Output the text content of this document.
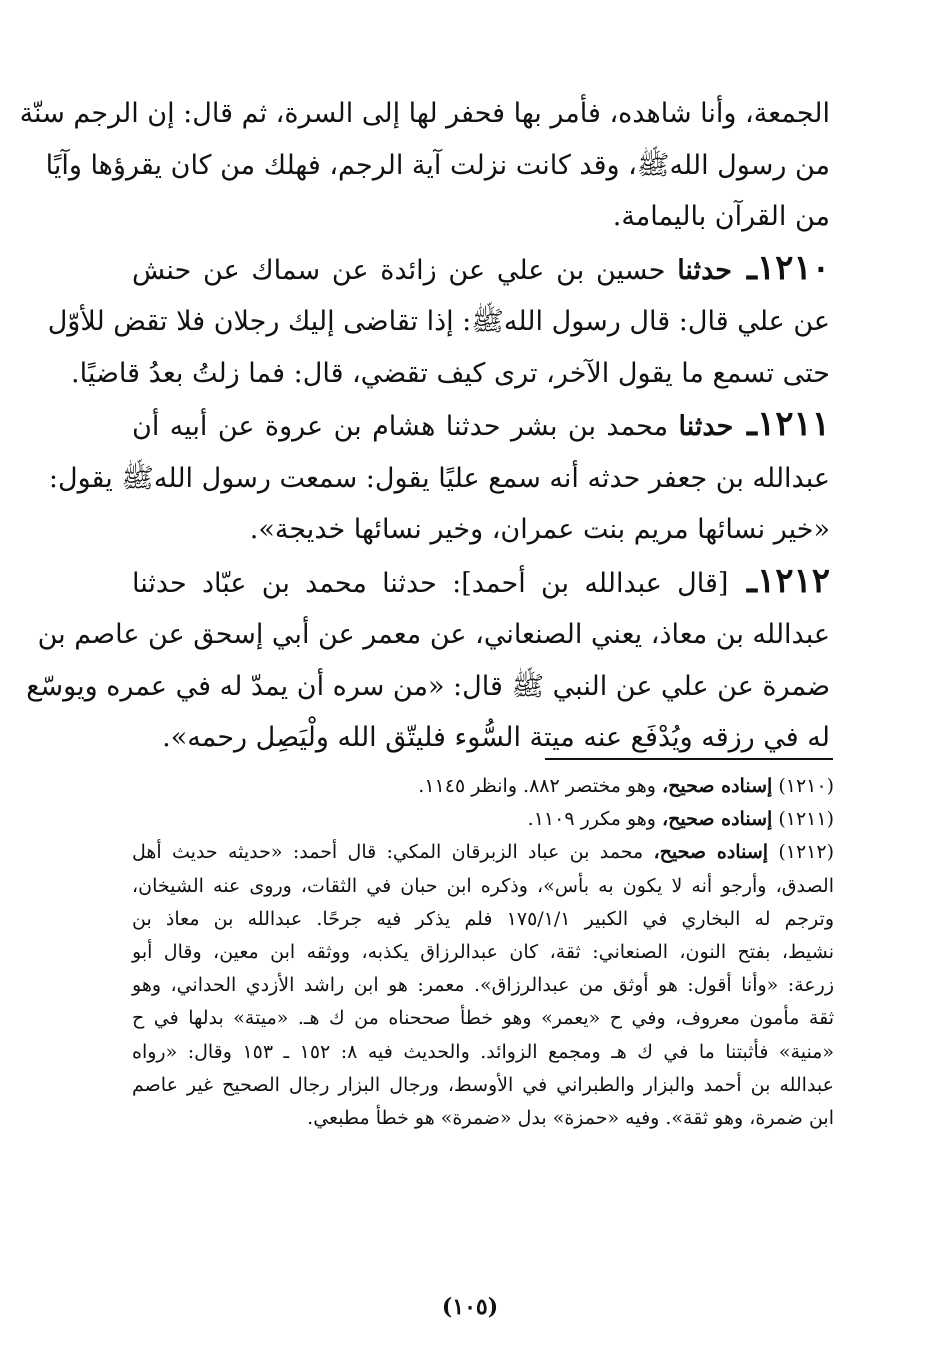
الجمعة، وأنا شاهده، فأمر بها فحفر لها إلى السرة، ثم قال: إن الرجم سنّة

من رسول اللهﷺ، وقد كانت نزلت آية الرجم، فهلك من كان يقرؤها وآيًا

من القرآن باليمامة.

١٢١٠ـ حدثنا حسين بن علي عن زائدة عن سماك عن حنش

عن علي قال: قال رسول اللهﷺ: إذا تقاضى إليك رجلان فلا تقض للأوّل

حتى تسمع ما يقول الآخر، ترى كيف تقضي، قال: فما زلتُ بعدُ قاضيًا.

١٢١١ـ حدثنا محمد بن بشر حدثنا هشام بن عروة عن أبيه أن

عبدالله بن جعفر حدثه أنه سمع عليًا يقول: سمعت رسول اللهﷺ يقول:

«خير نسائها مريم بنت عمران، وخير نسائها خديجة».

١٢١٢ـ [قال عبدالله بن أحمد]: حدثنا محمد بن عبّاد حدثنا

عبدالله بن معاذ، يعني الصنعاني، عن معمر عن أبي إسحق عن عاصم بن

ضمرة عن علي عن النبي ﷺ قال: «من سره أن يمدّ له في عمره ويوسّع

له في رزقه ويُدْفَع عنه ميتة السُّوء فليتّق الله ولْيَصِل رحمه».

(١٢١٠) إسناده صحيح، وهو مختصر ٨٨٢. وانظر ١١٤٥.

(١٢١١) إسناده صحيح، وهو مكرر ١١٠٩.

(١٢١٢) إسناده صحيح، محمد بن عباد الزبرقان المكي: قال أحمد: «حديثه حديث أهل

الصدق، وأرجو أنه لا يكون به بأس»، وذكره ابن حبان في الثقات، وروى عنه الشيخان،

وترجم له البخاري في الكبير ١٧٥/١/١ فلم يذكر فيه جرحًا. عبدالله بن معاذ بن

نشيط، بفتح النون، الصنعاني: ثقة، كان عبدالرزاق يكذبه، ووثقه ابن معين، وقال أبو

زرعة: «وأنا أقول: هو أوثق من عبدالرزاق». معمر: هو ابن راشد الأزدي الحداني، وهو

ثقة مأمون معروف، وفي ح «يعمر» وهو خطأ صححناه من ك هـ. «ميتة» بدلها في ح

«منية» فأثبتنا ما في ك هـ ومجمع الزوائد. والحديث فيه ٨: ١٥٢ ـ ١٥٣ وقال: «رواه

عبدالله بن أحمد والبزار والطبراني في الأوسط، ورجال البزار رجال الصحيح غير عاصم

ابن ضمرة، وهو ثقة». وفيه «حمزة» بدل «ضمرة» هو خطأ مطبعي.

(١٠٥)
